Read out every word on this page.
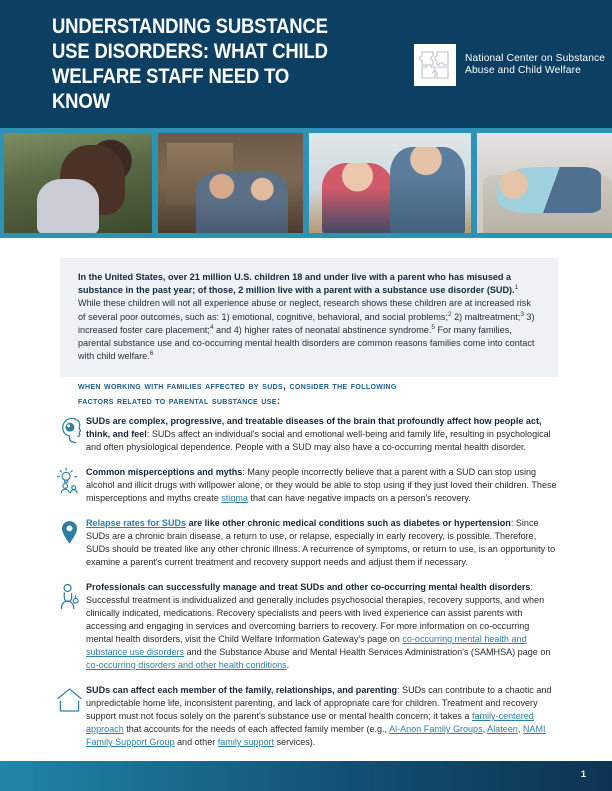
UNDERSTANDING SUBSTANCE USE DISORDERS: WHAT CHILD WELFARE STAFF NEED TO KNOW
National Center on Substance Abuse and Child Welfare
In the United States, over 21 million U.S. children 18 and under live with a parent who has misused a substance in the past year; of those, 2 million live with a parent with a substance use disorder (SUD).$^1$ While these children will not all experience abuse or neglect, research shows these children are at increased risk of several poor outcomes, such as: 1) emotional, cognitive, behavioral, and social problems;$^2$ 2) maltreatment;$^3$ 3) increased foster care placement;$^4$ and 4) higher rates of neonatal abstinence syndrome.$^5$ For many families, parental substance use and co-occurring mental health disorders are common reasons families come into contact with child welfare.$^6$
when working with families affected by suds, consider the following
factors related to parental substance use:
SUDs are complex, progressive, and treatable diseases of the brain that profoundly affect how people act, think, and feel: SUDs affect an individual's social and emotional well-being and family life, resulting in psychological and often physiological dependence. People with a SUD may also have a co-occurring mental health disorder.
Common misperceptions and myths: Many people incorrectly believe that a parent with a SUD can stop using alcohol and illicit drugs with willpower alone, or they would be able to stop using if they just loved their children. These misperceptions and myths create stigma that can have negative impacts on a person's recovery.
Relapse rates for SUDs are like other chronic medical conditions such as diabetes or hypertension: Since SUDs are a chronic brain disease, a return to use, or relapse, especially in early recovery, is possible. Therefore, SUDs should be treated like any other chronic illness. A recurrence of symptoms, or return to use, is an opportunity to examine a parent's current treatment and recovery support needs and adjust them if necessary.
Professionals can successfully manage and treat SUDs and other co-occurring mental health disorders: Successful treatment is individualized and generally includes psychosocial therapies, recovery supports, and when clinically indicated, medications. Recovery specialists and peers with lived experience can assist parents with accessing and engaging in services and overcoming barriers to recovery. For more information on co-occurring mental health disorders, visit the Child Welfare Information Gateway's page on co-occurring mental health and substance use disorders and the Substance Abuse and Mental Health Services Administration's (SAMHSA) page on co-occurring disorders and other health conditions.
SUDs can affect each member of the family, relationships, and parenting: SUDs can contribute to a chaotic and unpredictable home life, inconsistent parenting, and lack of appropriate care for children. Treatment and recovery support must not focus solely on the parent's substance use or mental health concern; it takes a family-centered approach that accounts for the needs of each affected family member (e.g., Al-Anon Family Groups, Alateen, NAMI Family Support Group and other family support services).
1
